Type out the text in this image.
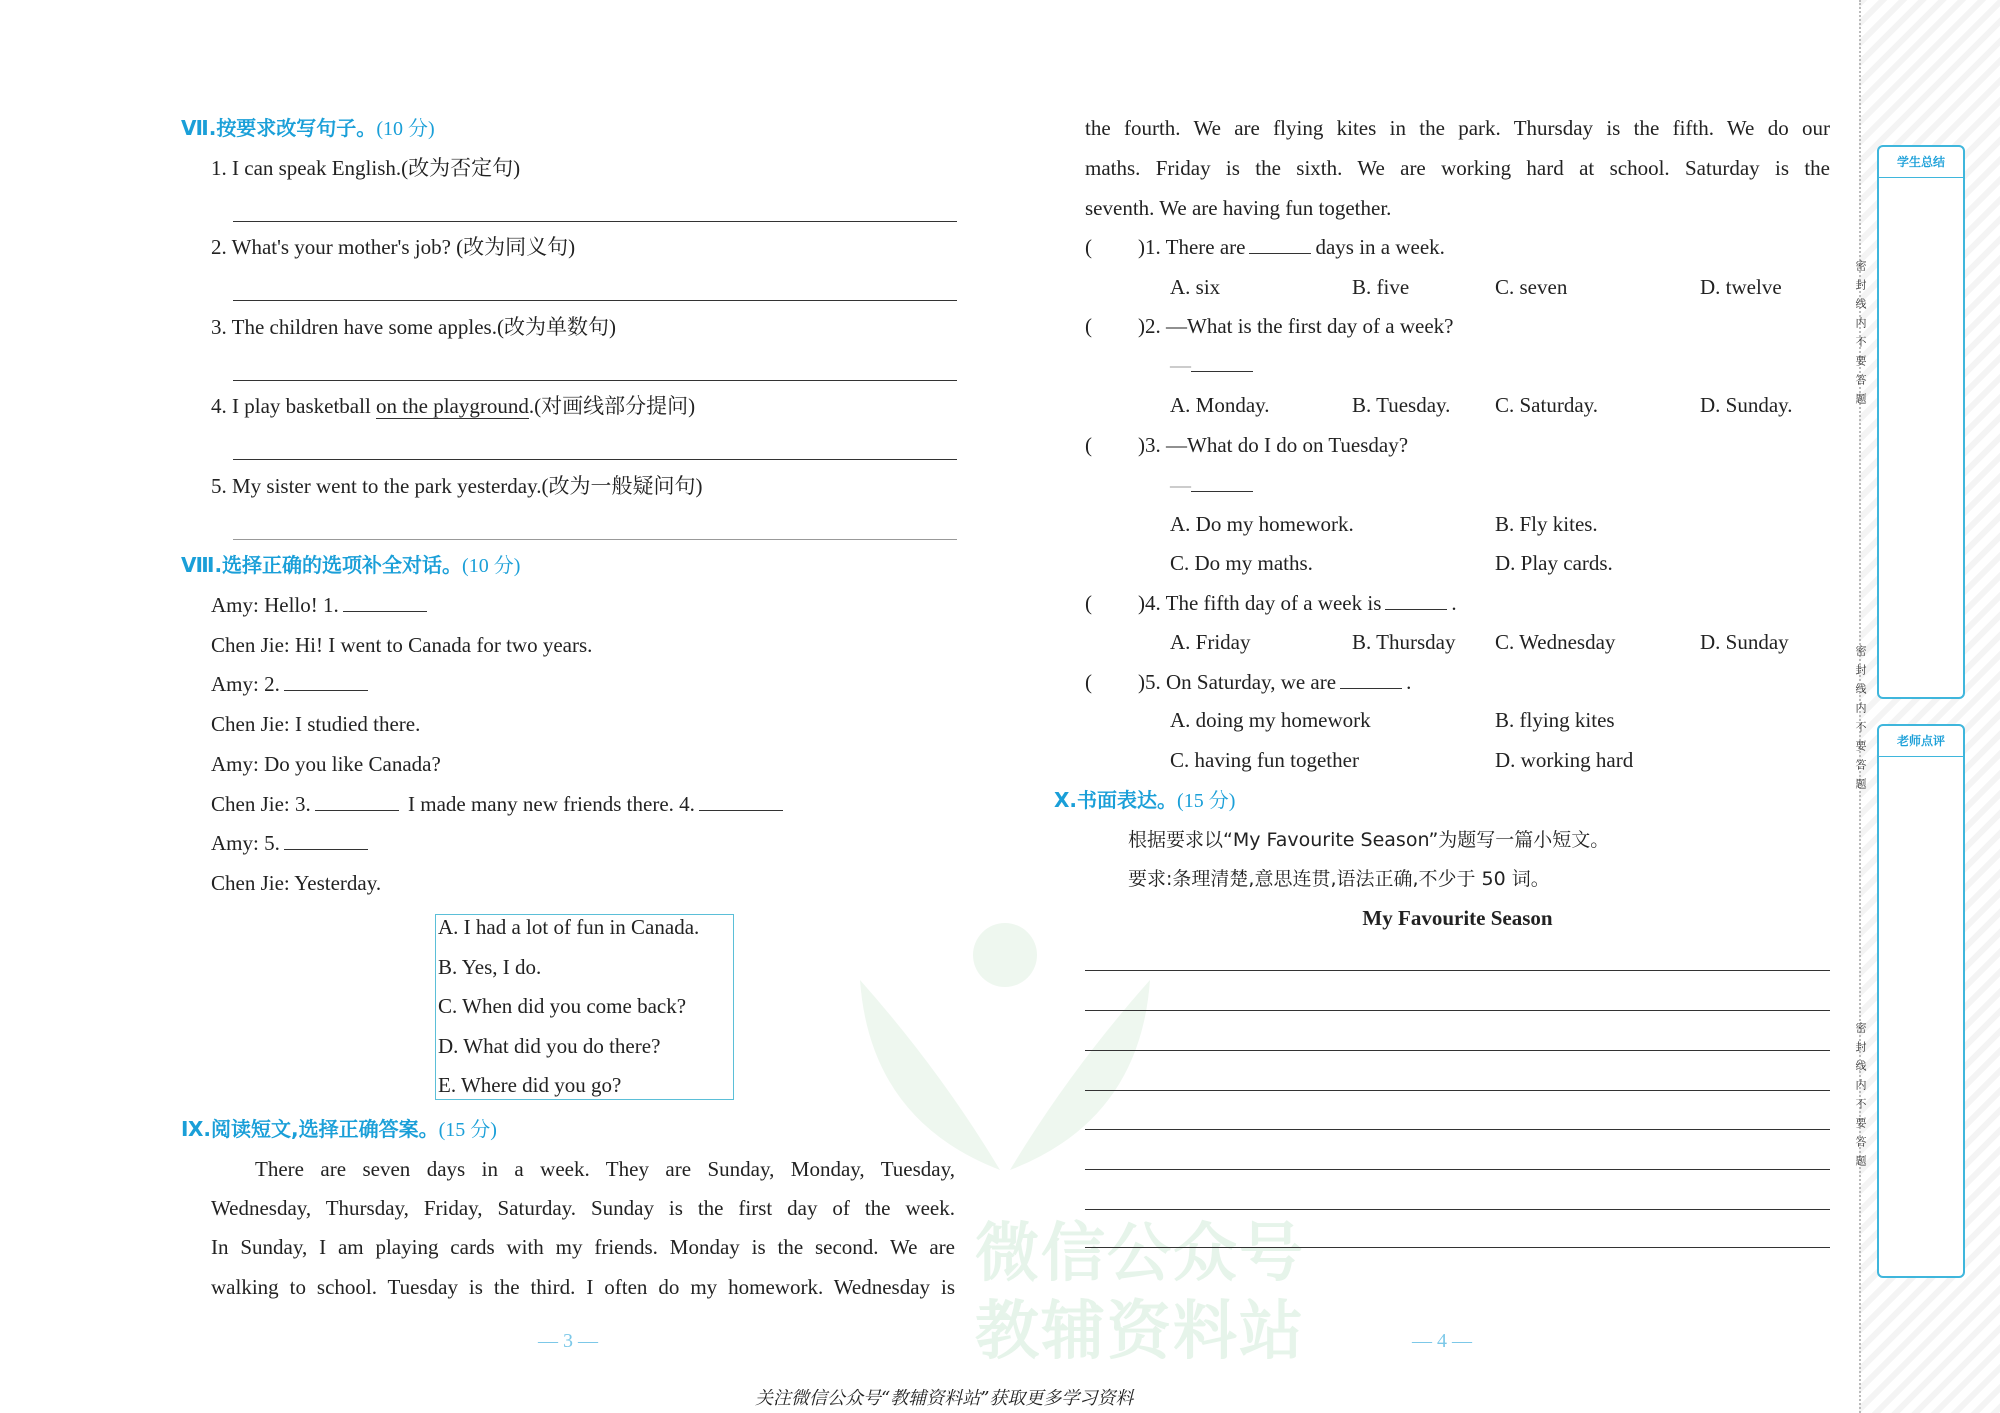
微信公众号
教辅资料站
Ⅶ.按要求改写句子。(10 分)
1. I can speak English.(改为否定句)
2. What's your mother's job? (改为同义句)
3. The children have some apples.(改为单数句)
4. I play basketball on the playground.(对画线部分提问)
5. My sister went to the park yesterday.(改为一般疑问句)
Ⅷ.选择正确的选项补全对话。(10 分)
Amy: Hello! 1.
Chen Jie: Hi! I went to Canada for two years.
Amy: 2.
Chen Jie: I studied there.
Amy: Do you like Canada?
Chen Jie: 3.	I made many new friends there. 4.
Amy: 5.
Chen Jie: Yesterday.
A. I had a lot of fun in Canada.
B. Yes, I do.
C. When did you come back?
D. What did you do there?
E. Where did you go?
Ⅸ.阅读短文,选择正确答案。(15 分)
There are seven days in a week. They are Sunday, Monday, Tuesday,
Wednesday, Thursday, Friday, Saturday. Sunday is the first day of the week.
In Sunday, I am playing cards with my friends. Monday is the second. We are
walking to school. Tuesday is the third. I often do my homework. Wednesday is
— 3 —
the fourth. We are flying kites in the park. Thursday is the fifth. We do our
maths. Friday is the sixth. We are working hard at school. Saturday is the
seventh. We are having fun together.
( )1. There are	days in a week.
A. six	B. five	C. seven	D. twelve
( )2. —What is the first day of a week?
—
A. Monday.	B. Tuesday. C. Saturday.	D. Sunday.
( )3. —What do I do on Tuesday?
—
A. Do my homework.	B. Fly kites.
C. Do my maths.	D. Play cards.
( )4. The fifth day of a week is	.
A. Friday	B. Thursday C. Wednesday	D. Sunday
( )5. On Saturday, we are	.
A. doing my homework	B. flying kites
C. having fun together	D. working hard
Ⅹ.书面表达。(15 分)
根据要求以“My Favourite Season”为题写一篇小短文。
要求:条理清楚,意思连贯,语法正确,不少于 50 词。
My Favourite Season
— 4 —
密封线内不要答题
密封线内不要答题
密封线内不要答题
学生总结
老师点评
关注微信公众号“教辅资料站”获取更多学习资料
